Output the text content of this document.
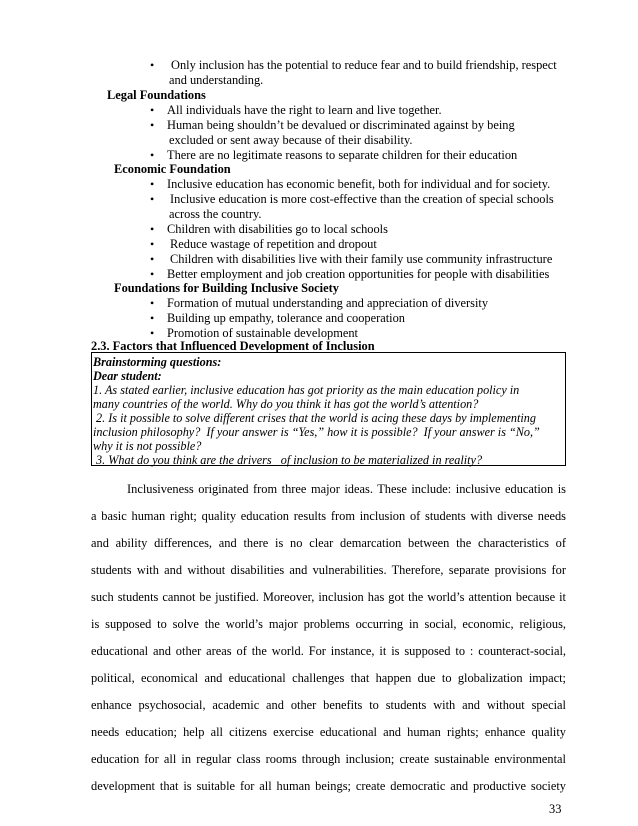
• Only inclusion has the potential to reduce fear and to build friendship, respect
and understanding.
Legal Foundations
• All individuals have the right to learn and live together.
• Human being shouldn’t be devalued or discriminated against by being
excluded or sent away because of their disability.
• There are no legitimate reasons to separate children for their education
Economic Foundation
• Inclusive education has economic benefit, both for individual and for society.
• Inclusive education is more cost-effective than the creation of special schools
across the country.
• Children with disabilities go to local schools
• Reduce wastage of repetition and dropout
• Children with disabilities live with their family use community infrastructure
• Better employment and job creation opportunities for people with disabilities
Foundations for Building Inclusive Society
• Formation of mutual understanding and appreciation of diversity
• Building up empathy, tolerance and cooperation
• Promotion of sustainable development
2.3. Factors that Influenced Development of Inclusion
Brainstorming questions:
Dear student:
1. As stated earlier, inclusive education has got priority as the main education policy in
many countries of the world. Why do you think it has got the world’s attention?
2. Is it possible to solve different crises that the world is acing these days by implementing
inclusion philosophy?  If your answer is “Yes,” how it is possible?  If your answer is “No,”
why it is not possible?
3. What do you think are the drivers   of inclusion to be materialized in reality?
Inclusiveness originated from three major ideas. These include: inclusive education is
a basic human right; quality education results from inclusion of students with diverse needs
and ability differences, and there is no clear demarcation between the characteristics of
students with and without disabilities and vulnerabilities. Therefore, separate provisions for
such students cannot be justified. Moreover, inclusion has got the world’s attention because it
is supposed to solve the world’s major problems occurring in social, economic, religious,
educational and other areas of the world. For instance, it is supposed to : counteract-social,
political, economical and educational challenges that happen due to globalization impact;
enhance psychosocial, academic and other benefits to students with and without special
needs education; help all citizens exercise educational and human rights; enhance quality
education for all in regular class rooms through inclusion; create sustainable environmental
development that is suitable for all human beings; create democratic and productive society
33
